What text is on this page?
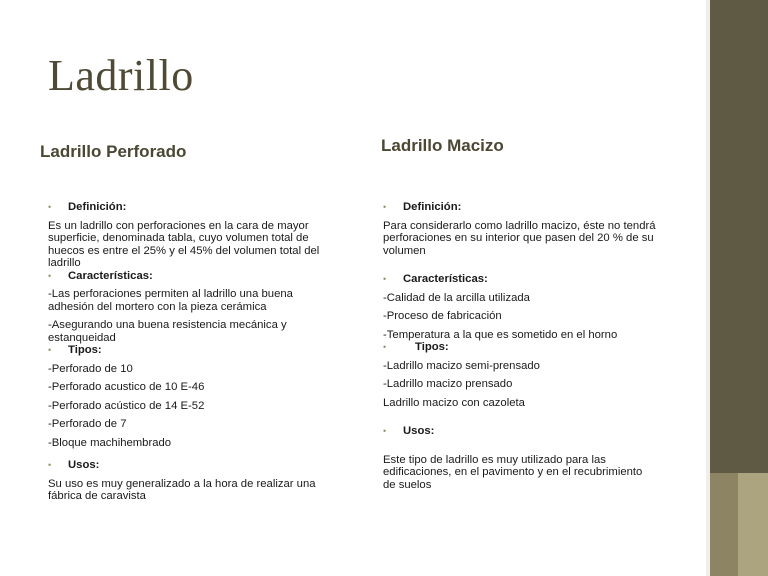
Ladrillo
Ladrillo Perforado	Ladrillo Macizo
• Definición:
Es un ladrillo con perforaciones en la cara de mayor
superficie, denominada tabla, cuyo volumen total de
huecos es entre el 25% y el 45% del volumen total del
ladrillo
• Características:
-Las perforaciones permiten al ladrillo una buena
adhesión del mortero con la pieza cerámica
-Asegurando una buena resistencia mecánica y
estanqueidad
• Tipos:
-Perforado de 10
-Perforado acustico de 10 E-46
-Perforado acústico de 14 E-52
-Perforado de 7
-Bloque machihembrado
• Usos:
Su uso es muy generalizado a la hora de realizar una
fábrica de caravista
• Definición:
Para considerarlo como ladrillo macizo, éste no tendrá
perforaciones en su interior que pasen del 20 % de su
volumen
• Características:
-Calidad de la arcilla utilizada
-Proceso de fabricación
-Temperatura a la que es sometido en el horno
•	Tipos:
-Ladrillo macizo semi-prensado
-Ladrillo macizo prensado
Ladrillo macizo con cazoleta
• Usos:
Este tipo de ladrillo es muy utilizado para las
edificaciones, en el pavimento y en el recubrimiento
de suelos
